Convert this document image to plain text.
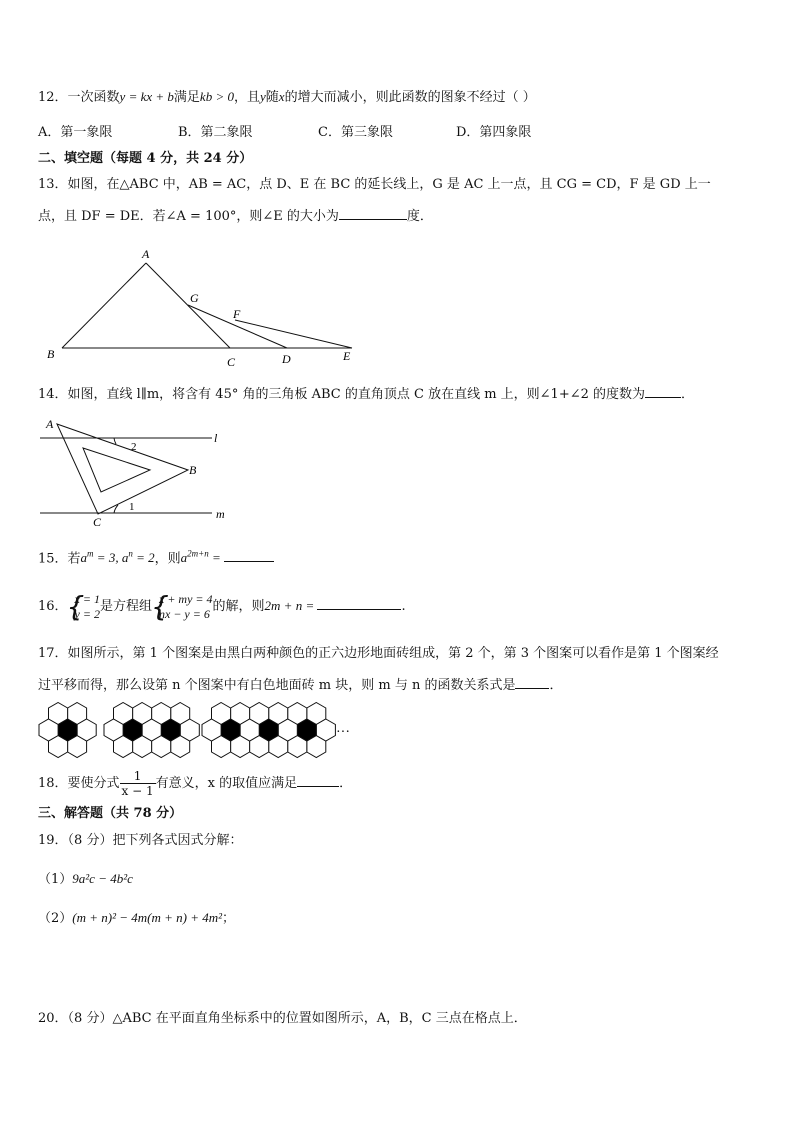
12．一次函数y = kx + b满足kb > 0，且y随x的增大而减小，则此函数的图象不经过（ ）
A．第一象限	B．第二象限	C．第三象限	D．第四象限
二、填空题（每题 4 分，共 24 分）
13．如图，在△ABC 中，AB = AC，点 D、E 在 BC 的延长线上，G 是 AC 上一点，且 CG = CD，F 是 GD 上一
点，且 DF = DE．若∠A = 100°，则∠E 的大小为	度．
A
B
C	D	E
F
G
14．如图，直线 l∥m，将含有 45° 角的三角板 ABC 的直角顶点 C 放在直线 m 上，则∠1+∠2 的度数为	．
A
B
C
l
m
2
1
15．若$a^m = 3$, $a^n = 2$，则$a^{2m+n}$ =
16．
{ x = 1
y = 2 是方程组
{ x + my = 4
nx − y = 6 的解，则2m + n =	.
17．如图所示，第 1 个图案是由黑白两种颜色的正六边形地面砖组成，第 2 个，第 3 个图案可以看作是第 1 个图案经
过平移而得，那么设第 n 个图案中有白色地面砖 m 块，则 m 与 n 的函数关系式是	．
···
18．要使分式 $\frac{1}{x - 1}$ 有意义，x 的取值应满足	．
三、解答题（共 78 分）
19．（8 分）把下列各式因式分解：
（1）9a²c − 4b²c
（2）(m + n)² − 4m(m + n) + 4m²；
20．（8 分）△ABC 在平面直角坐标系中的位置如图所示，A，B，C 三点在格点上．
